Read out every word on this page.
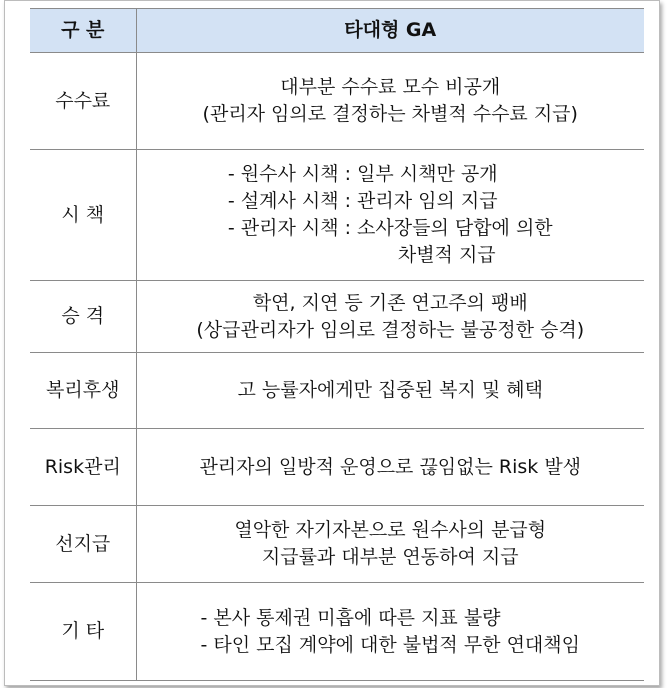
구 분	타대형 GA
수수료	대부분 수수료 모수 비공개
(관리자 임의로 결정하는 차별적 수수료 지급)

시 책	- 원수사 시책 : 일부 시책만 공개
- 설계사 시책 : 관리자 임의 지급
- 관리자 시책 : 소사장들의 담합에 의한
차별적 지급

승 격	학연, 지연 등 기존 연고주의 팽배
(상급관리자가 임의로 결정하는 불공정한 승격)

복리후생	고 능률자에게만 집중된 복지 및 혜택

Risk관리	관리자의 일방적 운영으로 끊임없는 Risk 발생

선지급	열악한 자기자본으로 원수사의 분급형
지급률과 대부분 연동하여 지급

기 타	- 본사 통제권 미흡에 따른 지표 불량
- 타인 모집 계약에 대한 불법적 무한 연대책임
